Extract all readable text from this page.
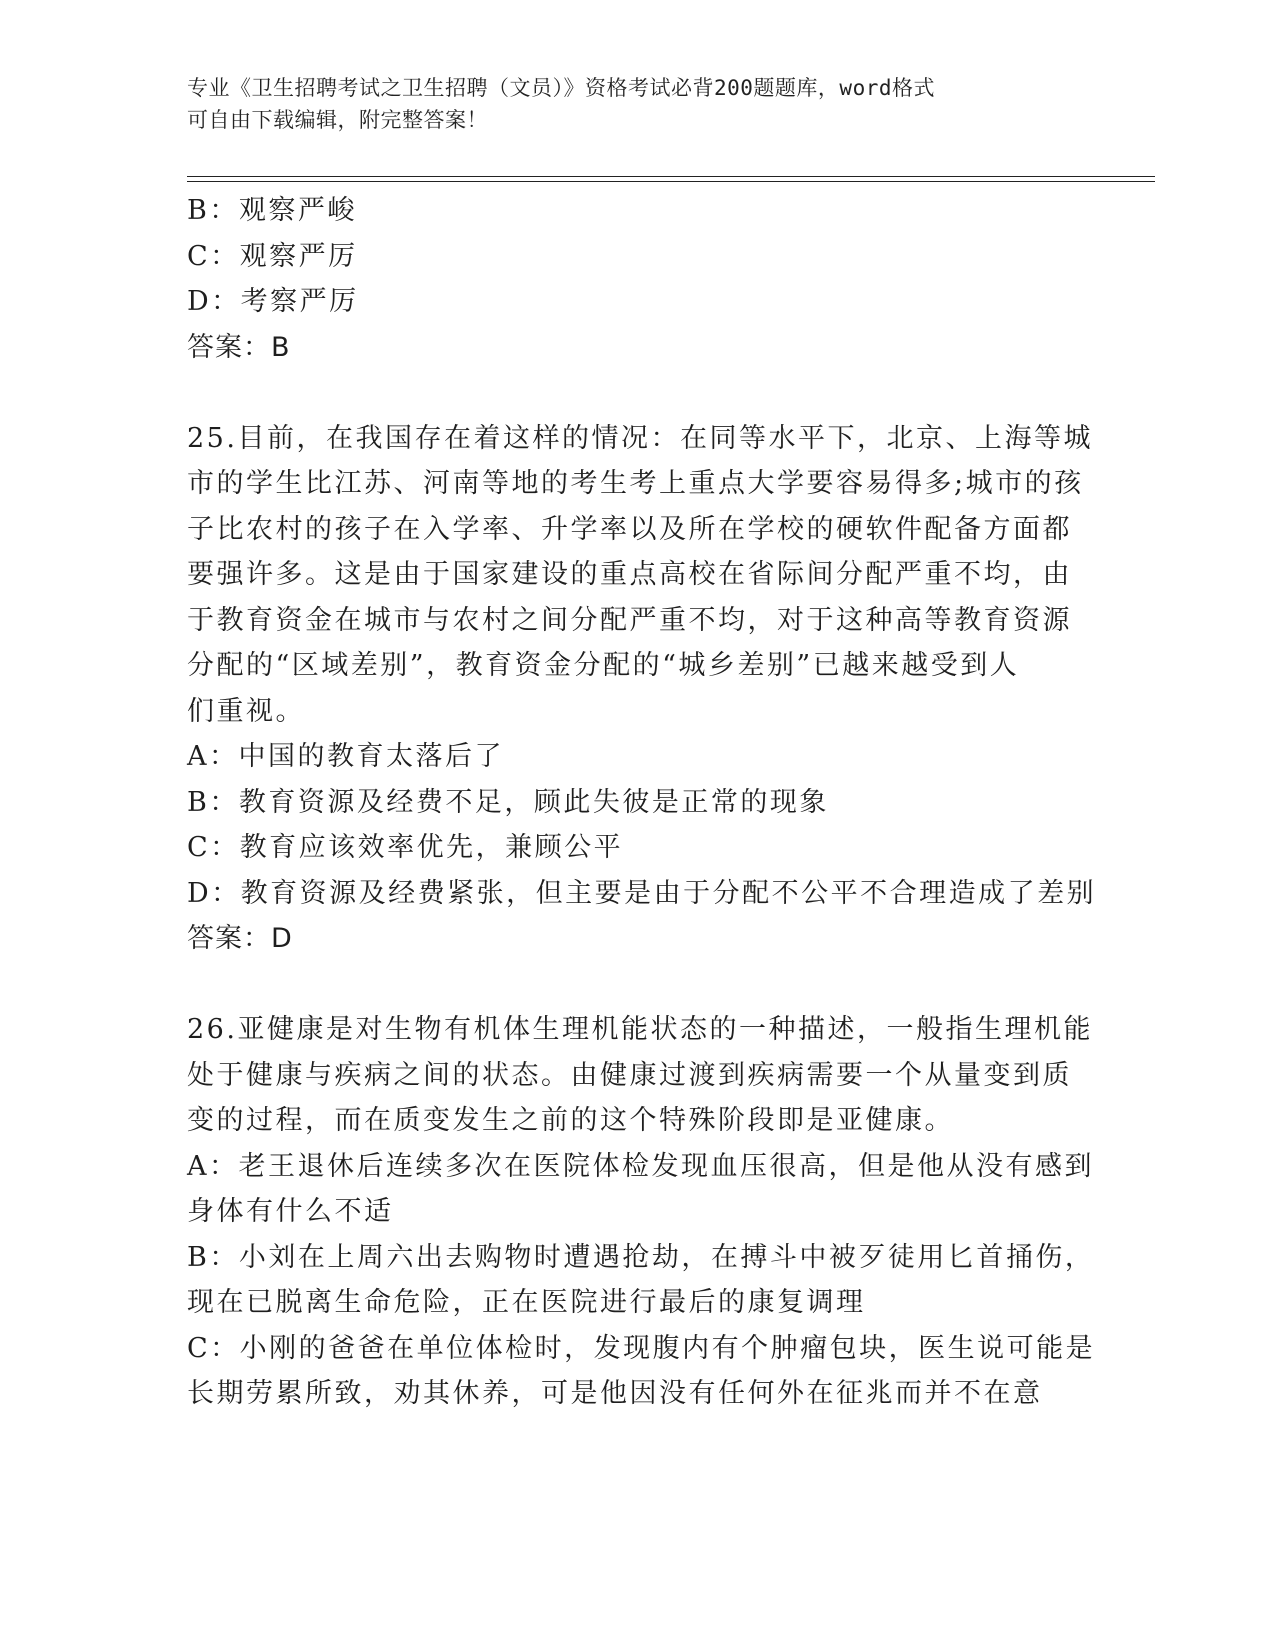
专业《卫生招聘考试之卫生招聘（文员）》资格考试必背200题题库，word格式
可自由下载编辑，附完整答案！
B：观察严峻
C：观察严厉
D：考察严厉
答案：B
25.目前，在我国存在着这样的情况：在同等水平下，北京、上海等城
市的学生比江苏、河南等地的考生考上重点大学要容易得多;城市的孩
子比农村的孩子在入学率、升学率以及所在学校的硬软件配备方面都
要强许多。这是由于国家建设的重点高校在省际间分配严重不均，由
于教育资金在城市与农村之间分配严重不均，对于这种高等教育资源
分配的“区域差别”，教育资金分配的“城乡差别”已越来越受到人
们重视。
A：中国的教育太落后了
B：教育资源及经费不足，顾此失彼是正常的现象
C：教育应该效率优先，兼顾公平
D：教育资源及经费紧张，但主要是由于分配不公平不合理造成了差别
答案：D
26.亚健康是对生物有机体生理机能状态的一种描述，一般指生理机能
处于健康与疾病之间的状态。由健康过渡到疾病需要一个从量变到质
变的过程，而在质变发生之前的这个特殊阶段即是亚健康。
A：老王退休后连续多次在医院体检发现血压很高，但是他从没有感到
身体有什么不适
B：小刘在上周六出去购物时遭遇抢劫，在搏斗中被歹徒用匕首捅伤，
现在已脱离生命危险，正在医院进行最后的康复调理
C：小刚的爸爸在单位体检时，发现腹内有个肿瘤包块，医生说可能是
长期劳累所致，劝其休养，可是他因没有任何外在征兆而并不在意
